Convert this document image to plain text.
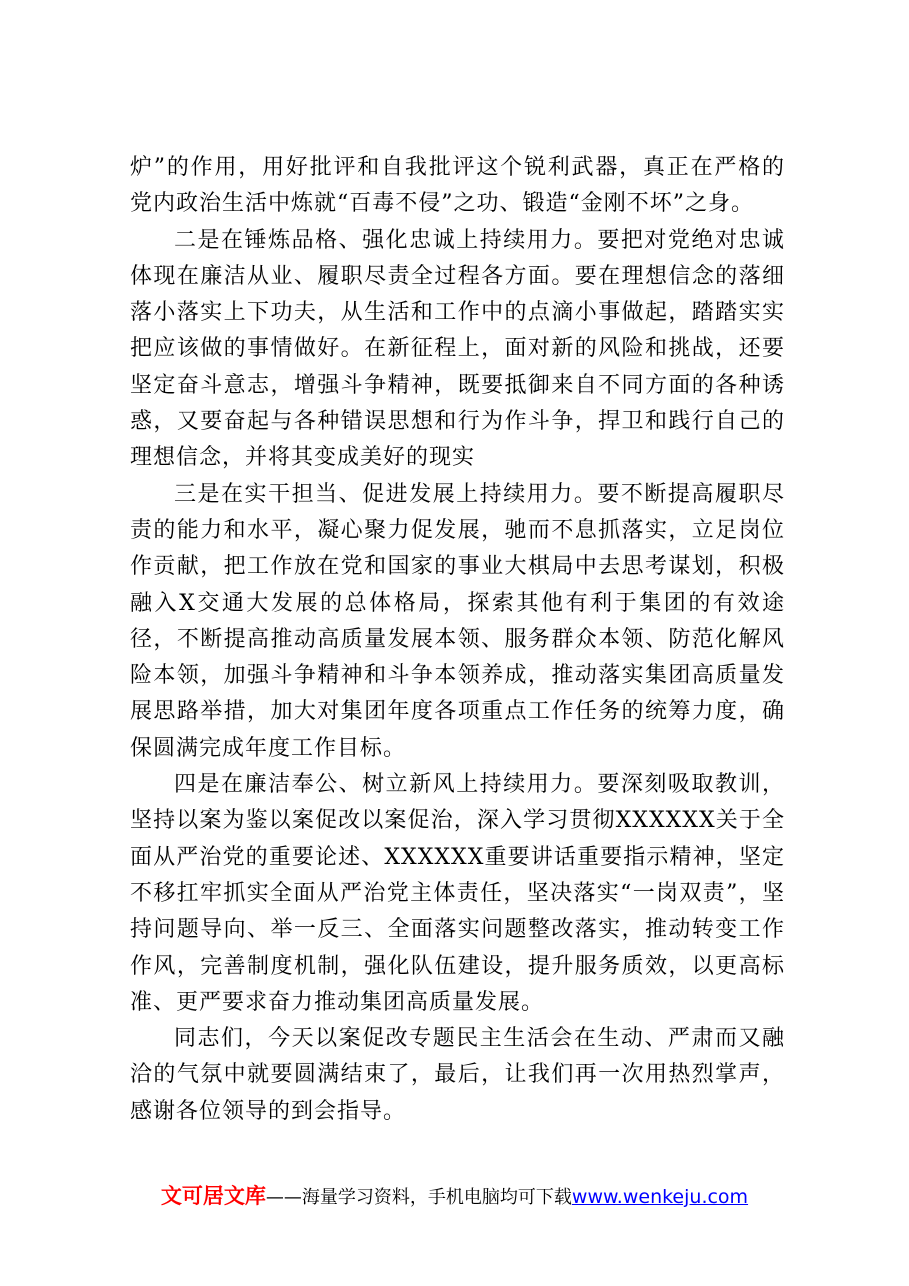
炉”的作用，用好批评和自我批评这个锐利武器，真正在严格的党内政治生活中炼就“百毒不侵”之功、锻造“金刚不坏”之身。

二是在锤炼品格、强化忠诚上持续用力。要把对党绝对忠诚体现在廉洁从业、履职尽责全过程各方面。要在理想信念的落细落小落实上下功夫，从生活和工作中的点滴小事做起，踏踏实实把应该做的事情做好。在新征程上，面对新的风险和挑战，还要坚定奋斗意志，增强斗争精神，既要抵御来自不同方面的各种诱惑，又要奋起与各种错误思想和行为作斗争，捍卫和践行自己的理想信念，并将其变成美好的现实

三是在实干担当、促进发展上持续用力。要不断提高履职尽责的能力和水平，凝心聚力促发展，驰而不息抓落实，立足岗位作贡献，把工作放在党和国家的事业大棋局中去思考谋划，积极融入X交通大发展的总体格局，探索其他有利于集团的有效途径，不断提高推动高质量发展本领、服务群众本领、防范化解风险本领，加强斗争精神和斗争本领养成，推动落实集团高质量发展思路举措，加大对集团年度各项重点工作任务的统筹力度，确保圆满完成年度工作目标。

四是在廉洁奉公、树立新风上持续用力。要深刻吸取教训，坚持以案为鉴以案促改以案促治，深入学习贯彻XXXXXX关于全面从严治党的重要论述、XXXXXX重要讲话重要指示精神，坚定不移扛牢抓实全面从严治党主体责任，坚决落实“一岗双责”，坚持问题导向、举一反三、全面落实问题整改落实，推动转变工作作风，完善制度机制，强化队伍建设，提升服务质效，以更高标准、更严要求奋力推动集团高质量发展。

同志们，今天以案促改专题民主生活会在生动、严肃而又融洽的气氛中就要圆满结束了，最后，让我们再一次用热烈掌声，感谢各位领导的到会指导。

文可居文库——海量学习资料，手机电脑均可下载www.wenkeju.com
